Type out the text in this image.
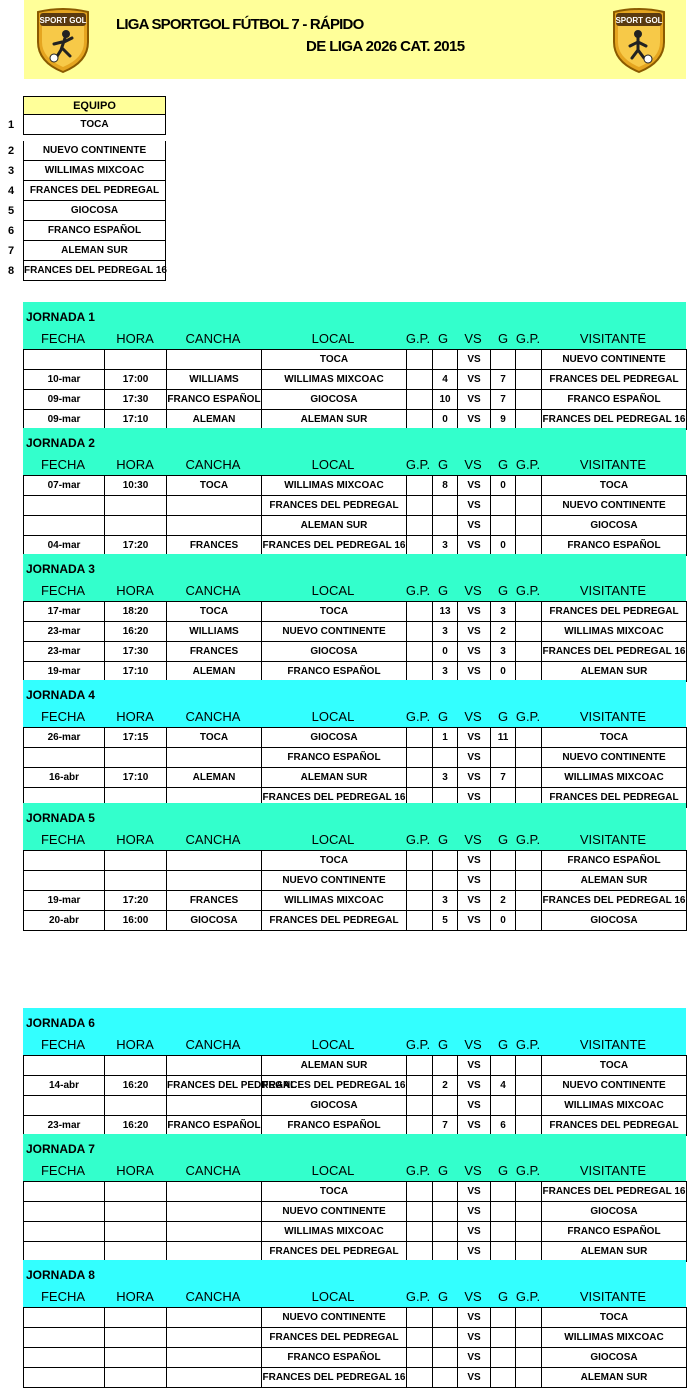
SPORT GOL LIGA SPORTGOL FÚTBOL 7 - RÁPIDO
DE LIGA 2026 CAT. 2015
SPORT GOL
EQUIPO
1	TOCA
2	NUEVO CONTINENTE
3	WILLIMAS MIXCOAC
4	FRANCES DEL PEDREGAL
5	GIOCOSA
6	FRANCO ESPAÑOL
7	ALEMAN SUR
8 FRANCES DEL PEDREGAL 16
JORNADA 1
FECHA	HORA	CANCHA	LOCAL	G.P. G	VS	G G.P.	VISITANTE
			TOCA			VS			NUEVO CONTINENTE
10-mar	17:00	WILLIAMS	WILLIMAS MIXCOAC		4	VS	7		FRANCES DEL PEDREGAL
09-mar	17:30	FRANCO ESPAÑOL	GIOCOSA		10	VS	7		FRANCO ESPAÑOL
09-mar	17:10	ALEMAN	ALEMAN SUR		0	VS	9		FRANCES DEL PEDREGAL 16
JORNADA 2
FECHA	HORA	CANCHA	LOCAL	G.P. G	VS	G G.P.	VISITANTE
07-mar	10:30	TOCA	WILLIMAS MIXCOAC		8	VS	0		TOCA
			FRANCES DEL PEDREGAL			VS			NUEVO CONTINENTE
			ALEMAN SUR			VS			GIOCOSA
04-mar	17:20	FRANCES	FRANCES DEL PEDREGAL 16		3	VS	0		FRANCO ESPAÑOL
JORNADA 3
FECHA	HORA	CANCHA	LOCAL	G.P. G	VS	G G.P.	VISITANTE
17-mar	18:20	TOCA	TOCA		13	VS	3		FRANCES DEL PEDREGAL
23-mar	16:20	WILLIAMS	NUEVO CONTINENTE		3	VS	2		WILLIMAS MIXCOAC
23-mar	17:30	FRANCES	GIOCOSA		0	VS	3		FRANCES DEL PEDREGAL 16
19-mar	17:10	ALEMAN	FRANCO ESPAÑOL		3	VS	0		ALEMAN SUR
JORNADA 4
FECHA	HORA	CANCHA	LOCAL	G.P. G	VS	G G.P.	VISITANTE
26-mar	17:15	TOCA	GIOCOSA		1	VS	11		TOCA
			FRANCO ESPAÑOL			VS			NUEVO CONTINENTE
16-abr	17:10	ALEMAN	ALEMAN SUR		3	VS	7		WILLIMAS MIXCOAC
			FRANCES DEL PEDREGAL 16			VS			FRANCES DEL PEDREGAL
JORNADA 5
FECHA	HORA	CANCHA	LOCAL	G.P. G	VS	G G.P.	VISITANTE
			TOCA			VS			FRANCO ESPAÑOL
			NUEVO CONTINENTE			VS			ALEMAN SUR
19-mar	17:20	FRANCES	WILLIMAS MIXCOAC		3	VS	2		FRANCES DEL PEDREGAL 16
20-abr	16:00	GIOCOSA	FRANCES DEL PEDREGAL		5	VS	0		GIOCOSA
JORNADA 6
FECHA	HORA	CANCHA	LOCAL	G.P. G	VS	G G.P.	VISITANTE
			ALEMAN SUR			VS			TOCA
14-abr	16:20	FRANCES DEL PEDREGAL	FRANCES DEL PEDREGAL 16		2	VS	4		NUEVO CONTINENTE
			GIOCOSA			VS			WILLIMAS MIXCOAC
23-mar	16:20	FRANCO ESPAÑOL	FRANCO ESPAÑOL		7	VS	6		FRANCES DEL PEDREGAL
JORNADA 7
FECHA	HORA	CANCHA	LOCAL	G.P. G	VS	G G.P.	VISITANTE
			TOCA			VS			FRANCES DEL PEDREGAL 16
			NUEVO CONTINENTE			VS			GIOCOSA
			WILLIMAS MIXCOAC			VS			FRANCO ESPAÑOL
			FRANCES DEL PEDREGAL			VS			ALEMAN SUR
JORNADA 8
FECHA	HORA	CANCHA	LOCAL	G.P. G	VS	G G.P.	VISITANTE
			NUEVO CONTINENTE			VS			TOCA
			FRANCES DEL PEDREGAL			VS			WILLIMAS MIXCOAC
			FRANCO ESPAÑOL			VS			GIOCOSA
			FRANCES DEL PEDREGAL 16			VS			ALEMAN SUR
